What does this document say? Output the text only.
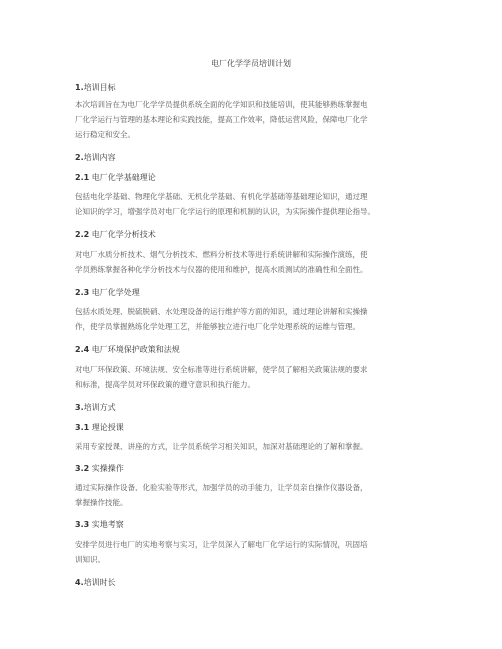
电厂化学学员培训计划
1.培训目标
本次培训旨在为电厂化学学员提供系统全面的化学知识和技能培训，使其能够熟练掌握电
厂化学运行与管理的基本理论和实践技能，提高工作效率，降低运营风险，保障电厂化学
运行稳定和安全。
2.培训内容
2.1 电厂化学基础理论
包括电化学基础、物理化学基础、无机化学基础、有机化学基础等基础理论知识，通过理
论知识的学习，增强学员对电厂化学运行的原理和机制的认识，为实际操作提供理论指导。
2.2 电厂化学分析技术
对电厂水质分析技术、烟气分析技术、燃料分析技术等进行系统讲解和实际操作演练，使
学员熟练掌握各种化学分析技术与仪器的使用和维护，提高水质测试的准确性和全面性。
2.3 电厂化学处理
包括水质处理、脱硫脱硝、水处理设备的运行维护等方面的知识，通过理论讲解和实操操
作，使学员掌握熟练化学处理工艺，并能够独立进行电厂化学处理系统的运维与管理。
2.4 电厂环境保护政策和法规
对电厂环保政策、环境法规、安全标准等进行系统讲解，使学员了解相关政策法规的要求
和标准，提高学员对环保政策的遵守意识和执行能力。
3.培训方式
3.1 理论授课
采用专家授课、讲座的方式，让学员系统学习相关知识，加深对基础理论的了解和掌握。
3.2 实操操作
通过实际操作设备、化验实验等形式，加强学员的动手能力，让学员亲自操作仪器设备，
掌握操作技能。
3.3 实地考察
安排学员进行电厂的实地考察与实习，让学员深入了解电厂化学运行的实际情况，巩固培
训知识。
4.培训时长
